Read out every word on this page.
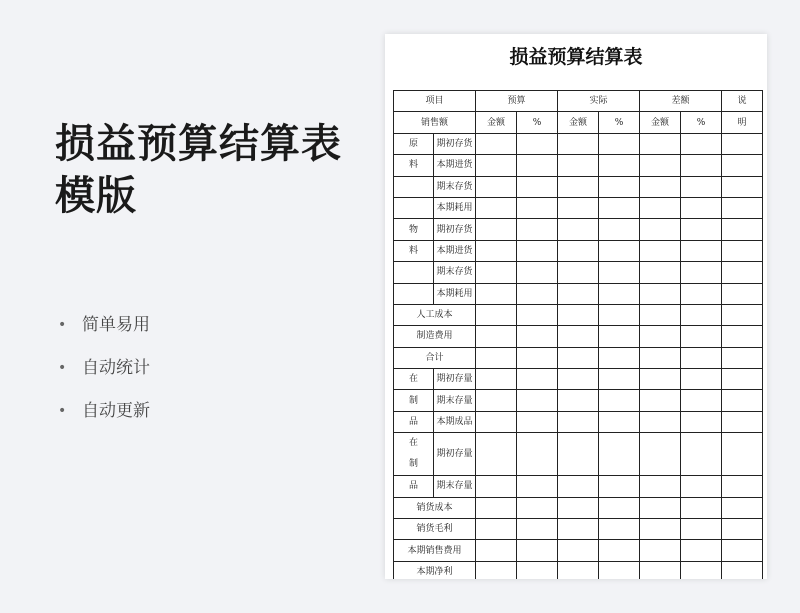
损益预算结算表模版
• 简单易用
• 自动统计
• 自动更新
损益预算结算表
项目		预算		实际		差额		说
销售额		金额	%	金额	%	金额	%	明
原	期初存货							
料	本期进货							
	期末存货							
	本期耗用							
物	期初存货							
料	本期进货							
	期末存货							
	本期耗用							
人工成本								
制造费用								
合计								
在	期初存量							
制	期末存量							
品	本期成品							

在
制	期初存量							
品	期末存量							
销货成本								
销货毛利								
本期销售费用								
本期净利								
